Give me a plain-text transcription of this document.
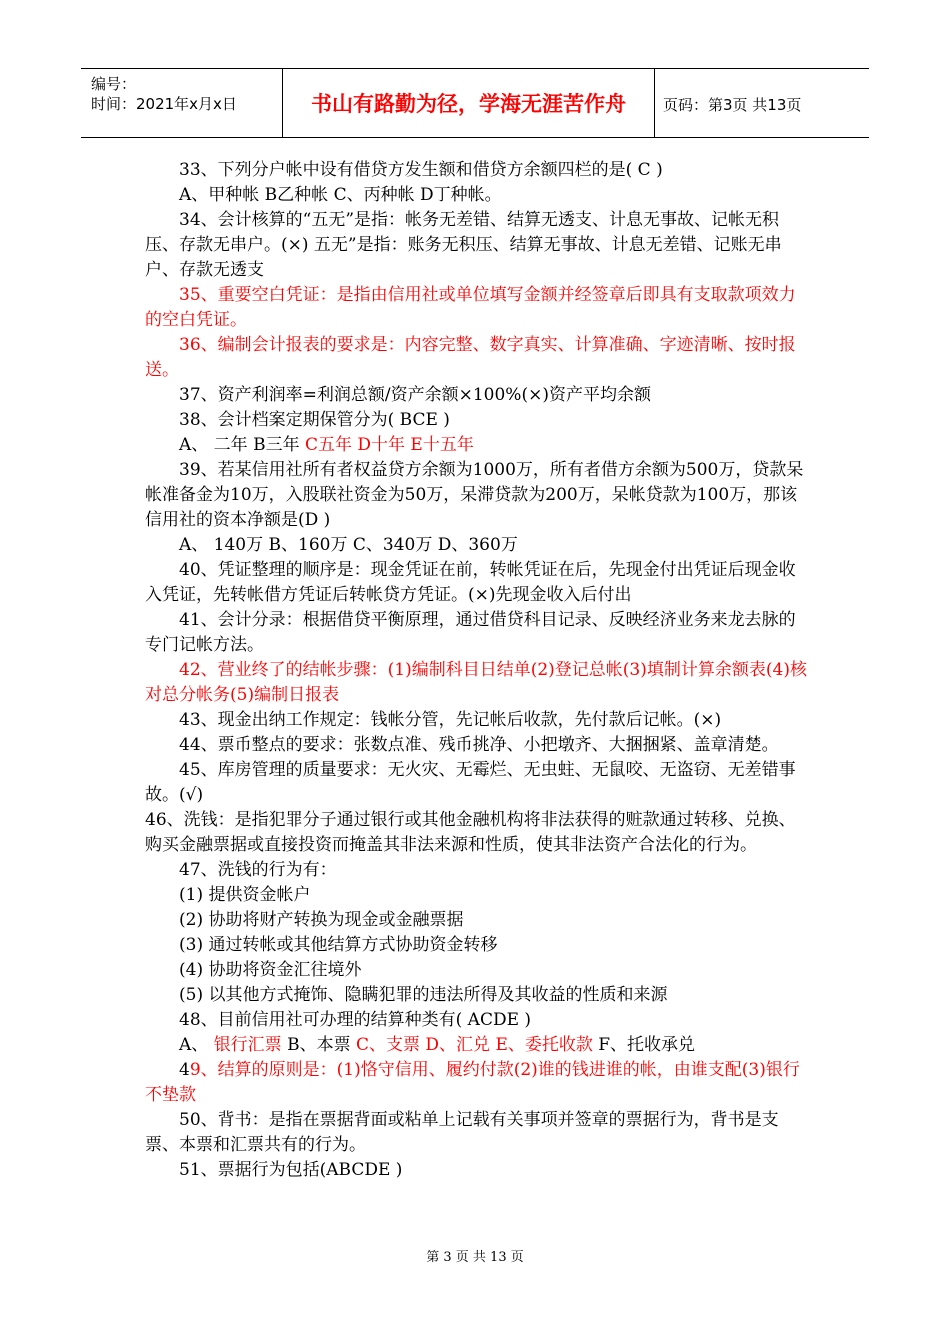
编号：
时间：2021年x月x日	书山有路勤为径，学海无涯苦作舟	页码：第3页 共13页

33、下列分户帐中设有借贷方发生额和借贷方余额四栏的是( C )

A、甲种帐 B乙种帐 C、丙种帐 D丁种帐。

34、会计核算的“五无”是指：帐务无差错、结算无透支、计息无事故、记帐无积压、存款无串户。(×) 五无”是指：账务无积压、结算无事故、计息无差错、记账无串户、存款无透支

35、重要空白凭证：是指由信用社或单位填写金额并经签章后即具有支取款项效力的空白凭证。

36、编制会计报表的要求是：内容完整、数字真实、计算准确、字迹清晰、按时报送。

37、资产利润率=利润总额/资产余额×100%(×)资产平均余额

38、会计档案定期保管分为( BCE )

A、 二年 B三年 C五年 D十年 E十五年

39、若某信用社所有者权益贷方余额为1000万，所有者借方余额为500万，贷款呆帐准备金为10万，入股联社资金为50万，呆滞贷款为200万，呆帐贷款为100万，那该信用社的资本净额是(D )

A、 140万 B、160万 C、340万 D、360万

40、凭证整理的顺序是：现金凭证在前，转帐凭证在后，先现金付出凭证后现金收入凭证，先转帐借方凭证后转帐贷方凭证。(×)先现金收入后付出

41、会计分录：根据借贷平衡原理，通过借贷科目记录、反映经济业务来龙去脉的专门记帐方法。

42、营业终了的结帐步骤：(1)编制科目日结单(2)登记总帐(3)填制计算余额表(4)核对总分帐务(5)编制日报表

43、现金出纳工作规定：钱帐分管，先记帐后收款，先付款后记帐。(×)

44、票币整点的要求：张数点准、残币挑净、小把墩齐、大捆捆紧、盖章清楚。

45、库房管理的质量要求：无火灾、无霉烂、无虫蛀、无鼠咬、无盗窃、无差错事故。(√)

46、洗钱：是指犯罪分子通过银行或其他金融机构将非法获得的赃款通过转移、兑换、购买金融票据或直接投资而掩盖其非法来源和性质，使其非法资产合法化的行为。

47、洗钱的行为有：

(1) 提供资金帐户

(2) 协助将财产转换为现金或金融票据

(3) 通过转帐或其他结算方式协助资金转移

(4) 协助将资金汇往境外

(5) 以其他方式掩饰、隐瞒犯罪的违法所得及其收益的性质和来源

48、目前信用社可办理的结算种类有( ACDE )

A、 银行汇票 B、本票 C、支票 D、汇兑 E、委托收款 F、托收承兑

49、结算的原则是：(1)恪守信用、履约付款(2)谁的钱进谁的帐，由谁支配(3)银行不垫款

50、背书：是指在票据背面或粘单上记载有关事项并签章的票据行为，背书是支票、本票和汇票共有的行为。

51、票据行为包括(ABCDE )

第 3 页 共 13 页
